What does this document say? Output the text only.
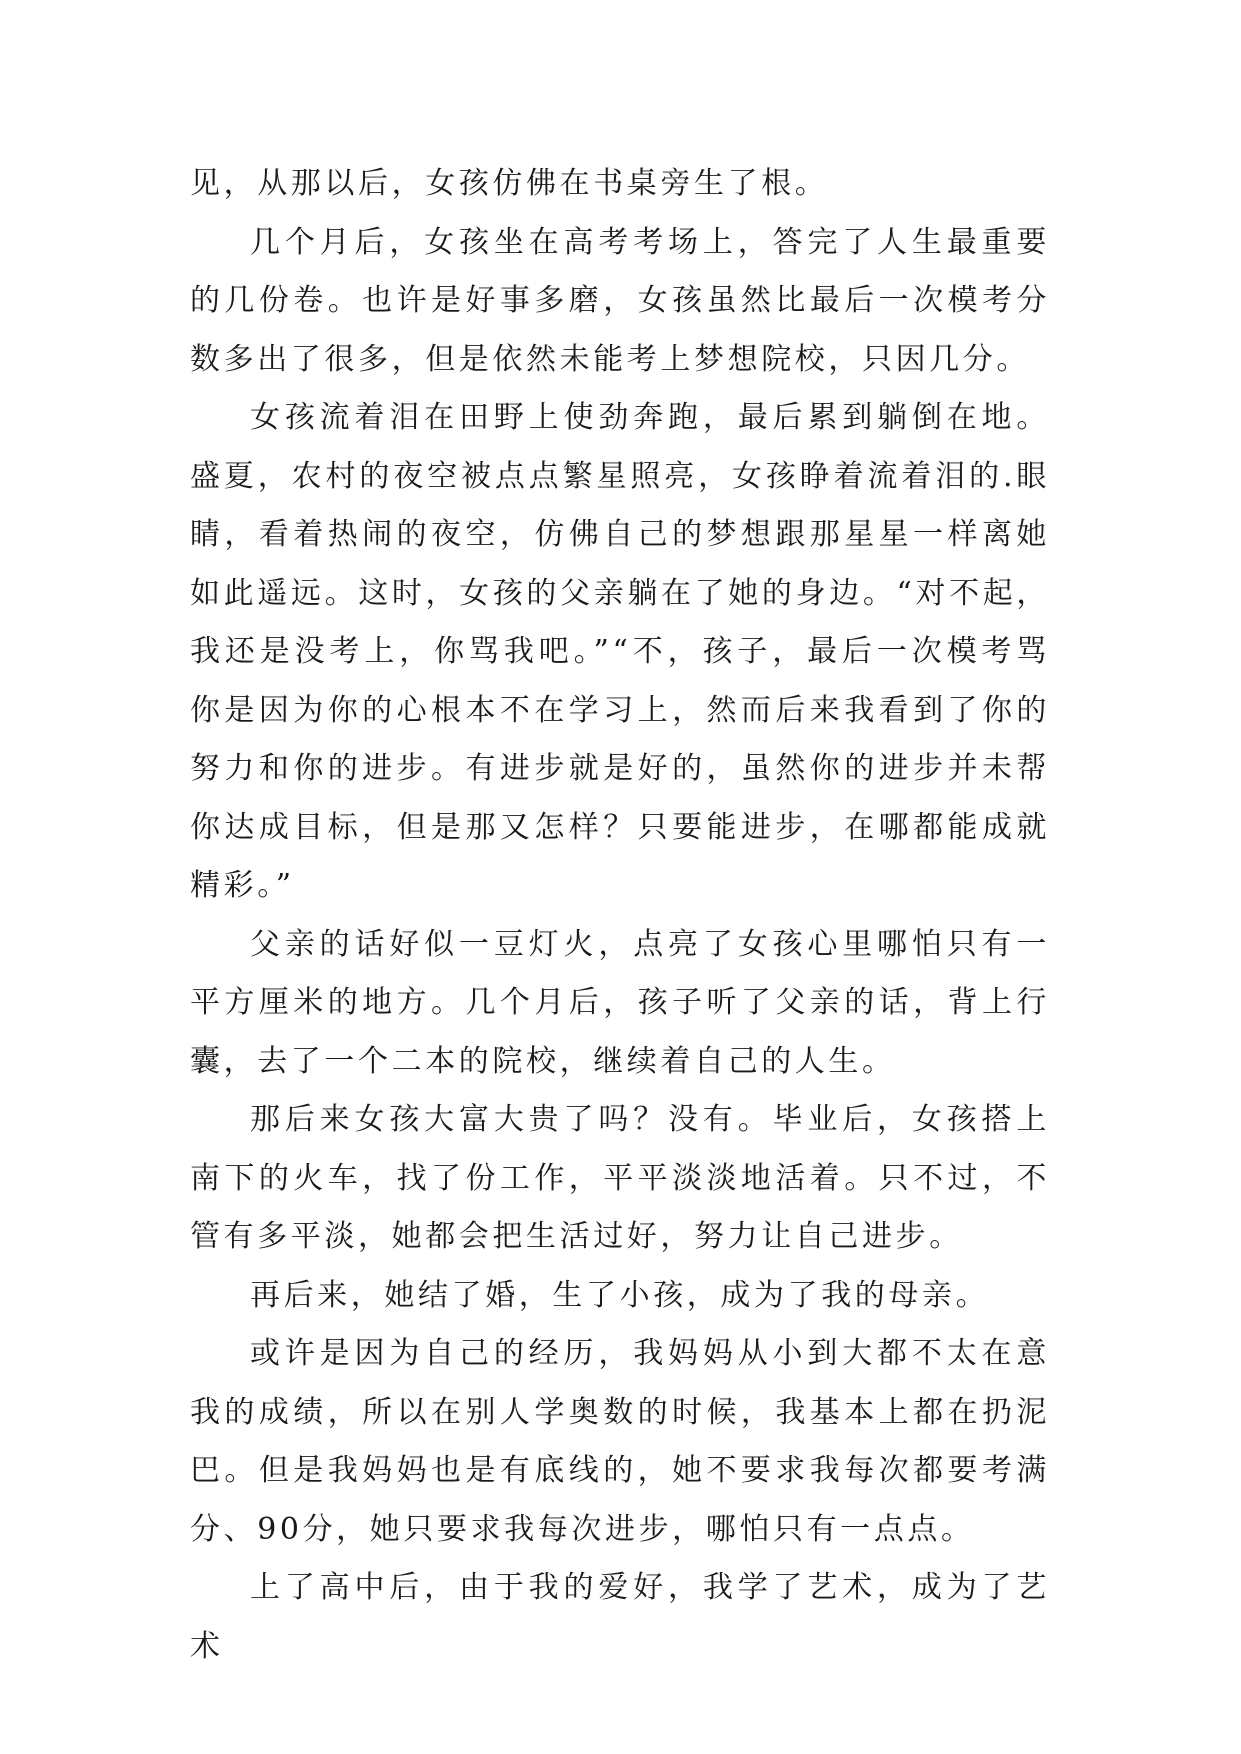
见，从那以后，女孩仿佛在书桌旁生了根。

几个月后，女孩坐在高考考场上，答完了人生最重要的几份卷。也许是好事多磨，女孩虽然比最后一次模考分数多出了很多，但是依然未能考上梦想院校，只因几分。

女孩流着泪在田野上使劲奔跑，最后累到躺倒在地。盛夏，农村的夜空被点点繁星照亮，女孩睁着流着泪的.眼睛，看着热闹的夜空，仿佛自己的梦想跟那星星一样离她如此遥远。这时，女孩的父亲躺在了她的身边。“对不起，我还是没考上，你骂我吧。”“不，孩子，最后一次模考骂你是因为你的心根本不在学习上，然而后来我看到了你的努力和你的进步。有进步就是好的，虽然你的进步并未帮你达成目标，但是那又怎样？只要能进步，在哪都能成就精彩。”

父亲的话好似一豆灯火，点亮了女孩心里哪怕只有一平方厘米的地方。几个月后，孩子听了父亲的话，背上行囊，去了一个二本的院校，继续着自己的人生。

那后来女孩大富大贵了吗？没有。毕业后，女孩搭上南下的火车，找了份工作，平平淡淡地活着。只不过，不管有多平淡，她都会把生活过好，努力让自己进步。

再后来，她结了婚，生了小孩，成为了我的母亲。

或许是因为自己的经历，我妈妈从小到大都不太在意我的成绩，所以在别人学奥数的时候，我基本上都在扔泥巴。但是我妈妈也是有底线的，她不要求我每次都要考满分、90分，她只要求我每次进步，哪怕只有一点点。

上了高中后，由于我的爱好，我学了艺术，成为了艺术
